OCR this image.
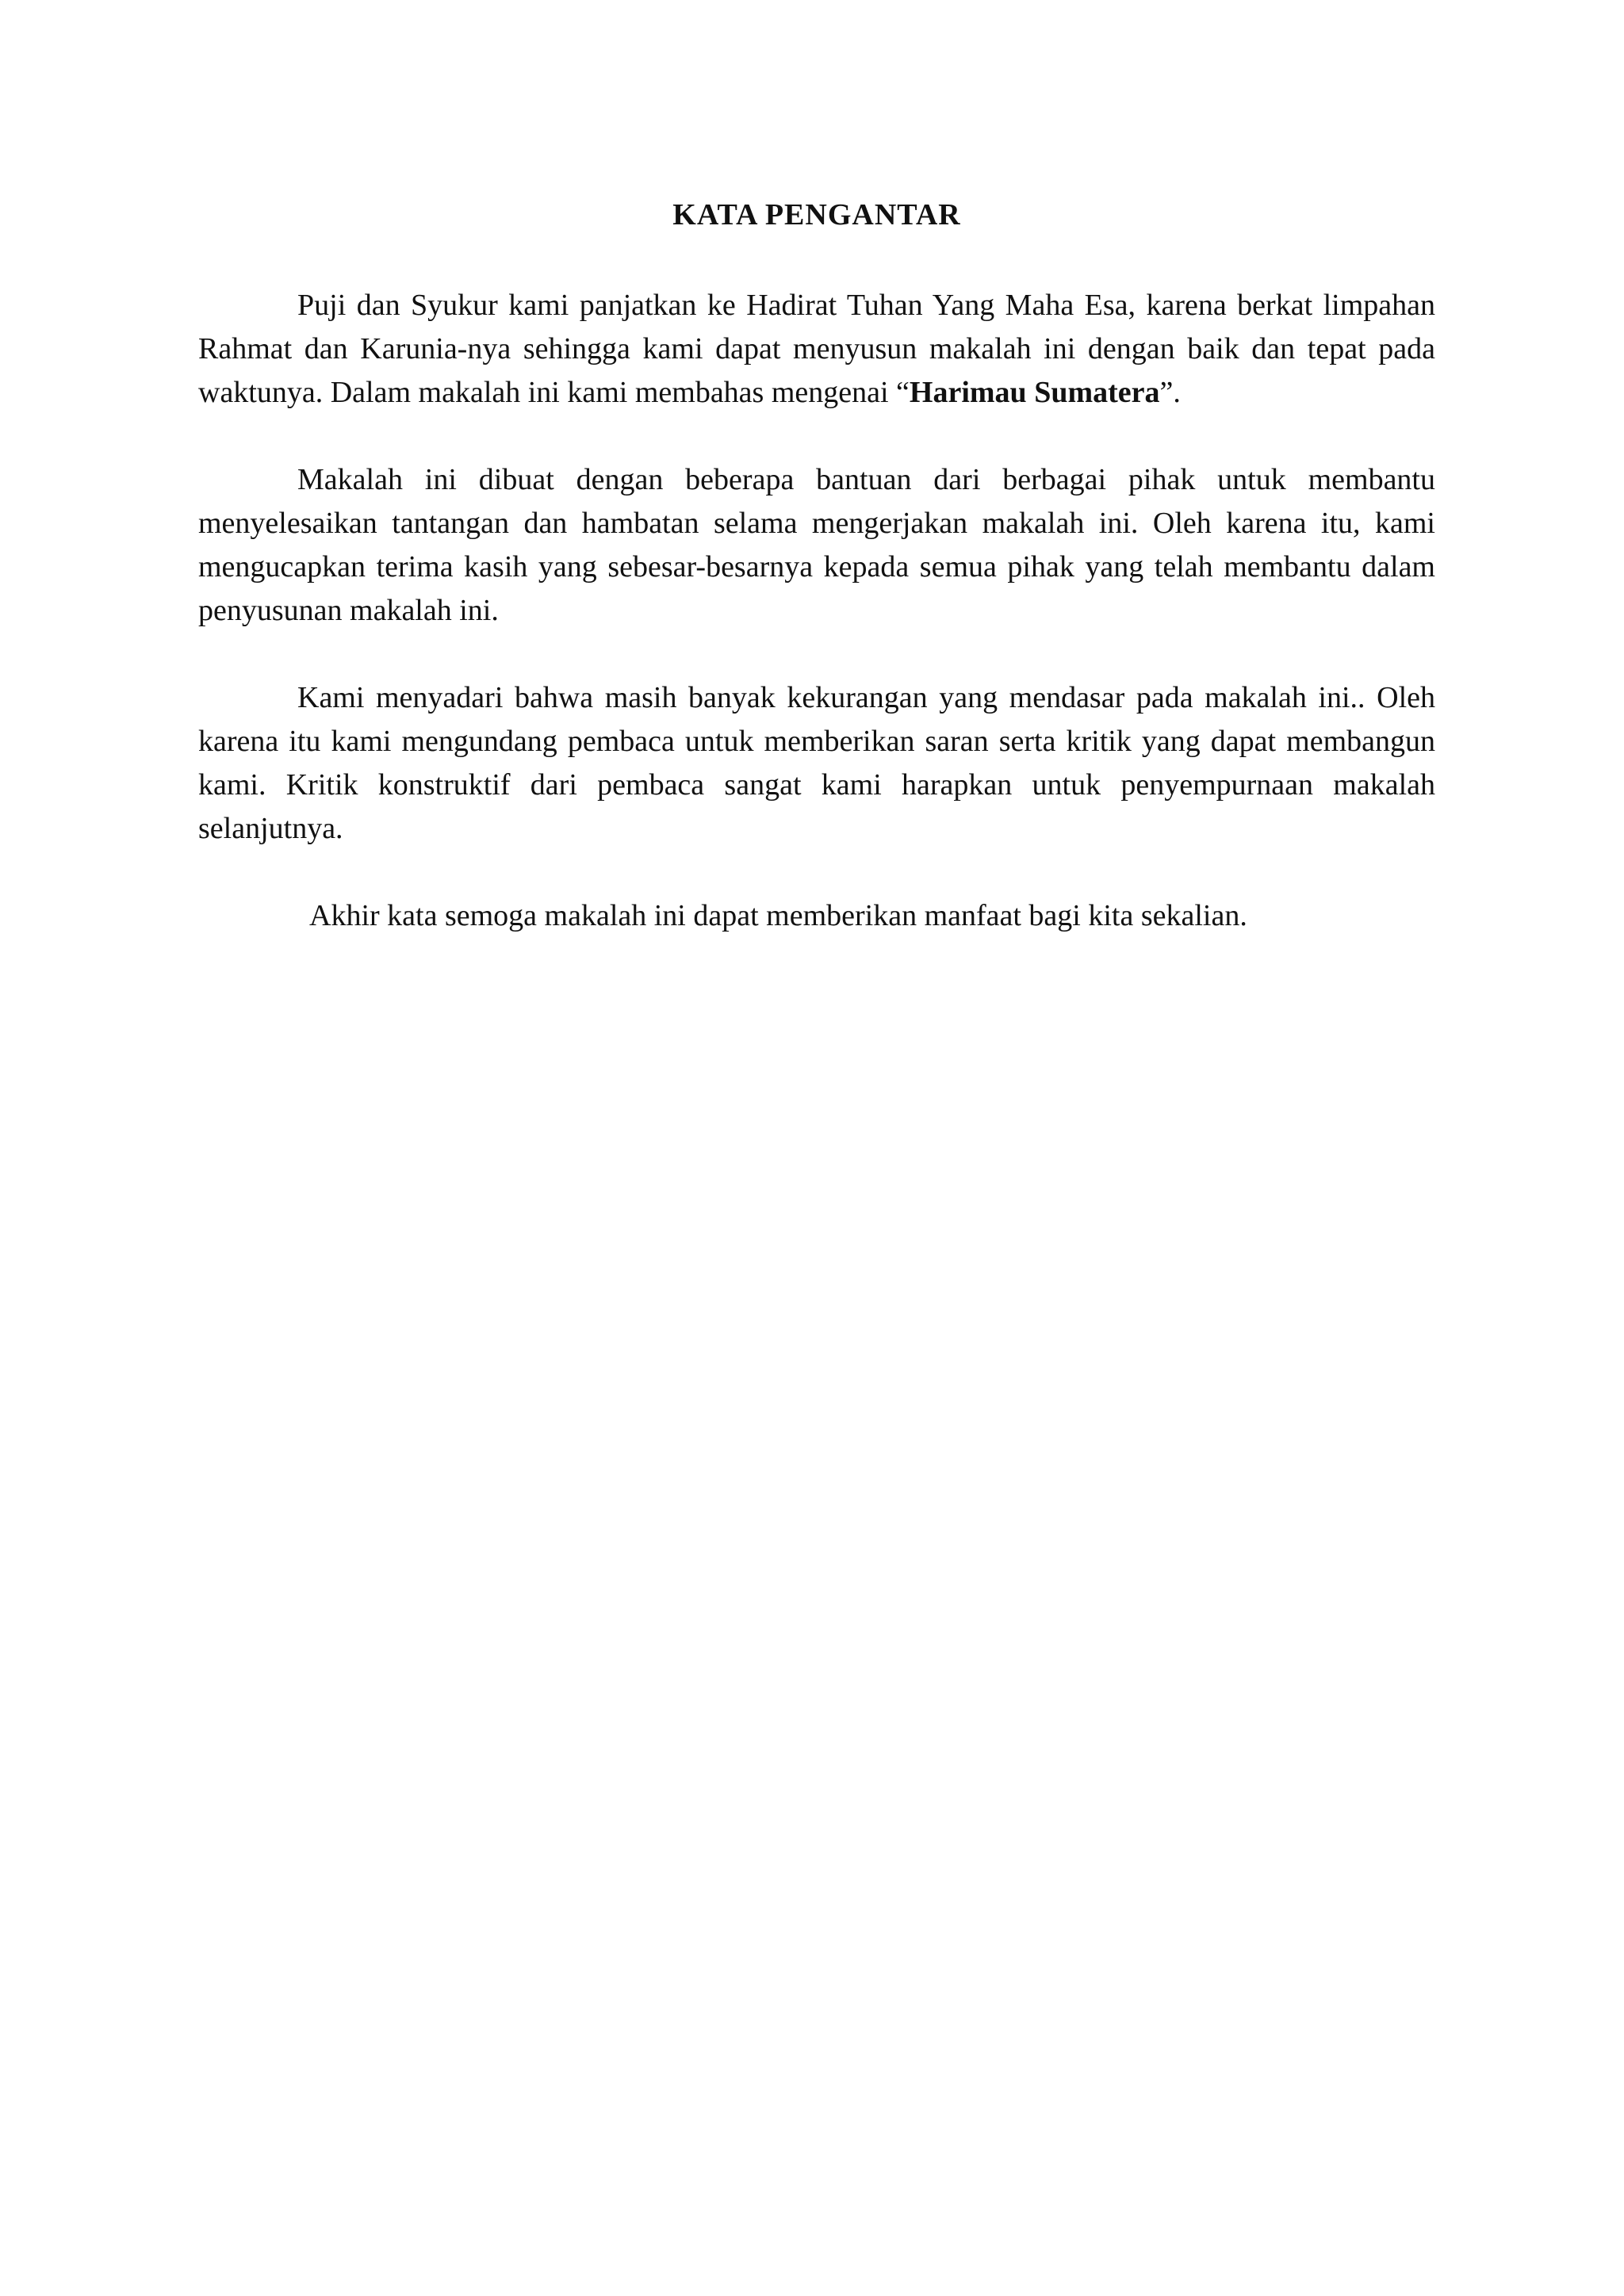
KATA PENGANTAR

Puji dan Syukur kami panjatkan ke Hadirat Tuhan Yang Maha Esa, karena berkat limpahan Rahmat dan Karunia-nya sehingga kami dapat menyusun makalah ini dengan baik dan tepat pada waktunya. Dalam makalah ini kami membahas mengenai “Harimau Sumatera”.

Makalah ini dibuat dengan beberapa bantuan dari berbagai pihak untuk membantu menyelesaikan tantangan dan hambatan selama mengerjakan makalah ini. Oleh karena itu, kami mengucapkan terima kasih yang sebesar-besarnya kepada semua pihak yang telah membantu dalam penyusunan makalah ini.

Kami menyadari bahwa masih banyak kekurangan yang mendasar pada makalah ini.. Oleh karena itu kami mengundang pembaca untuk memberikan saran serta kritik yang dapat membangun kami. Kritik konstruktif dari pembaca sangat kami harapkan untuk penyempurnaan makalah selanjutnya.

Akhir kata semoga makalah ini dapat memberikan manfaat bagi kita sekalian.
